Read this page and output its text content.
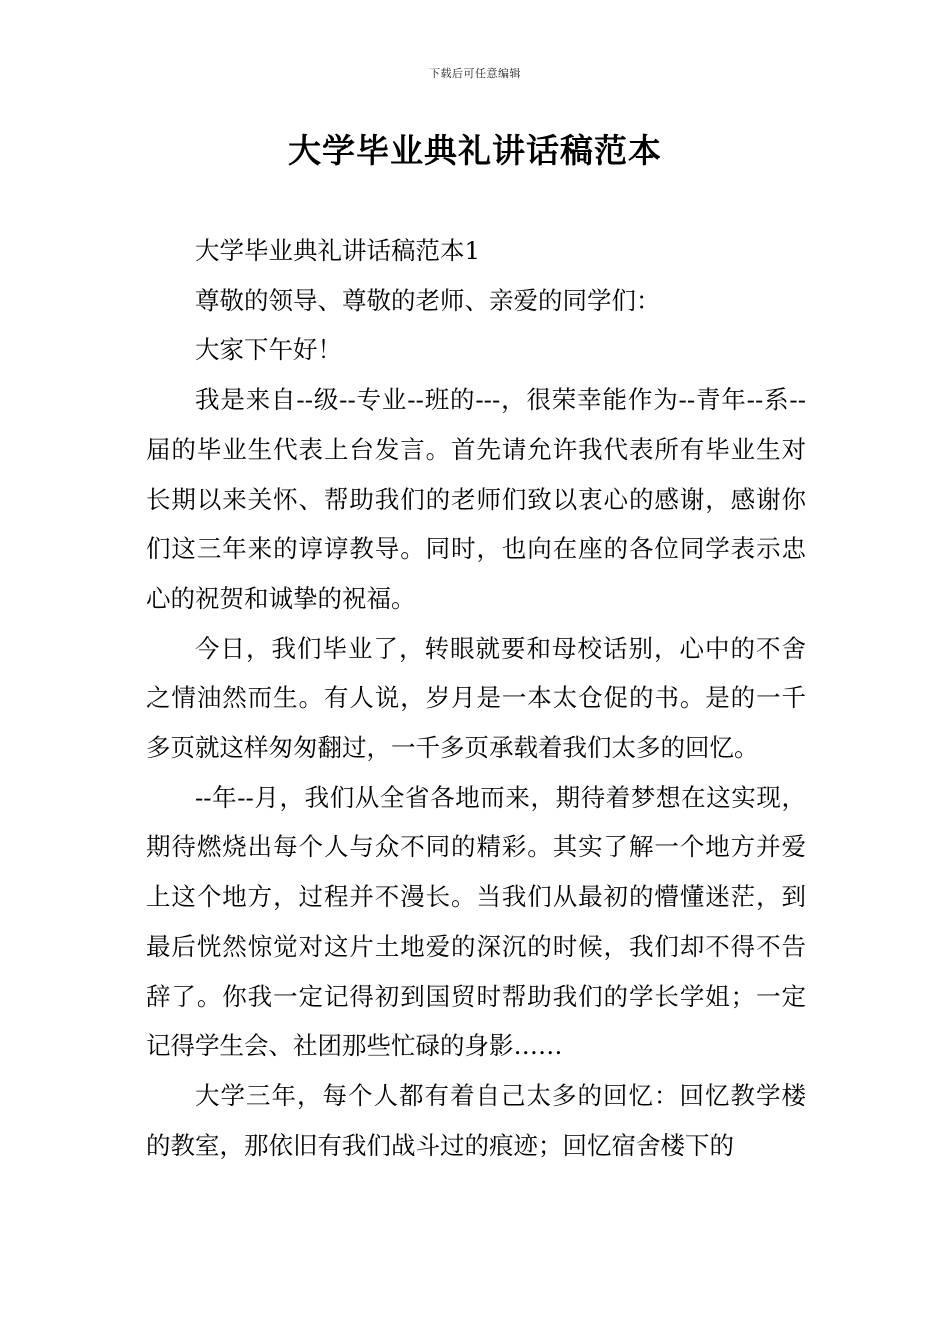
下载后可任意编辑
大学毕业典礼讲话稿范本

大学毕业典礼讲话稿范本1

尊敬的领导、尊敬的老师、亲爱的同学们：

大家下午好！

我是来自--级--专业--班的---，很荣幸能作为--青年--系--届的毕业生代表上台发言。首先请允许我代表所有毕业生对长期以来关怀、帮助我们的老师们致以衷心的感谢，感谢你们这三年来的谆谆教导。同时，也向在座的各位同学表示忠心的祝贺和诚挚的祝福。

今日，我们毕业了，转眼就要和母校话别，心中的不舍之情油然而生。有人说，岁月是一本太仓促的书。是的一千多页就这样匆匆翻过，一千多页承载着我们太多的回忆。

--年--月，我们从全省各地而来，期待着梦想在这实现，期待燃烧出每个人与众不同的精彩。其实了解一个地方并爱上这个地方，过程并不漫长。当我们从最初的懵懂迷茫，到最后恍然惊觉对这片土地爱的深沉的时候，我们却不得不告辞了。你我一定记得初到国贸时帮助我们的学长学姐；一定记得学生会、社团那些忙碌的身影……

大学三年，每个人都有着自己太多的回忆：回忆教学楼的教室，那依旧有我们战斗过的痕迹；回忆宿舍楼下的
